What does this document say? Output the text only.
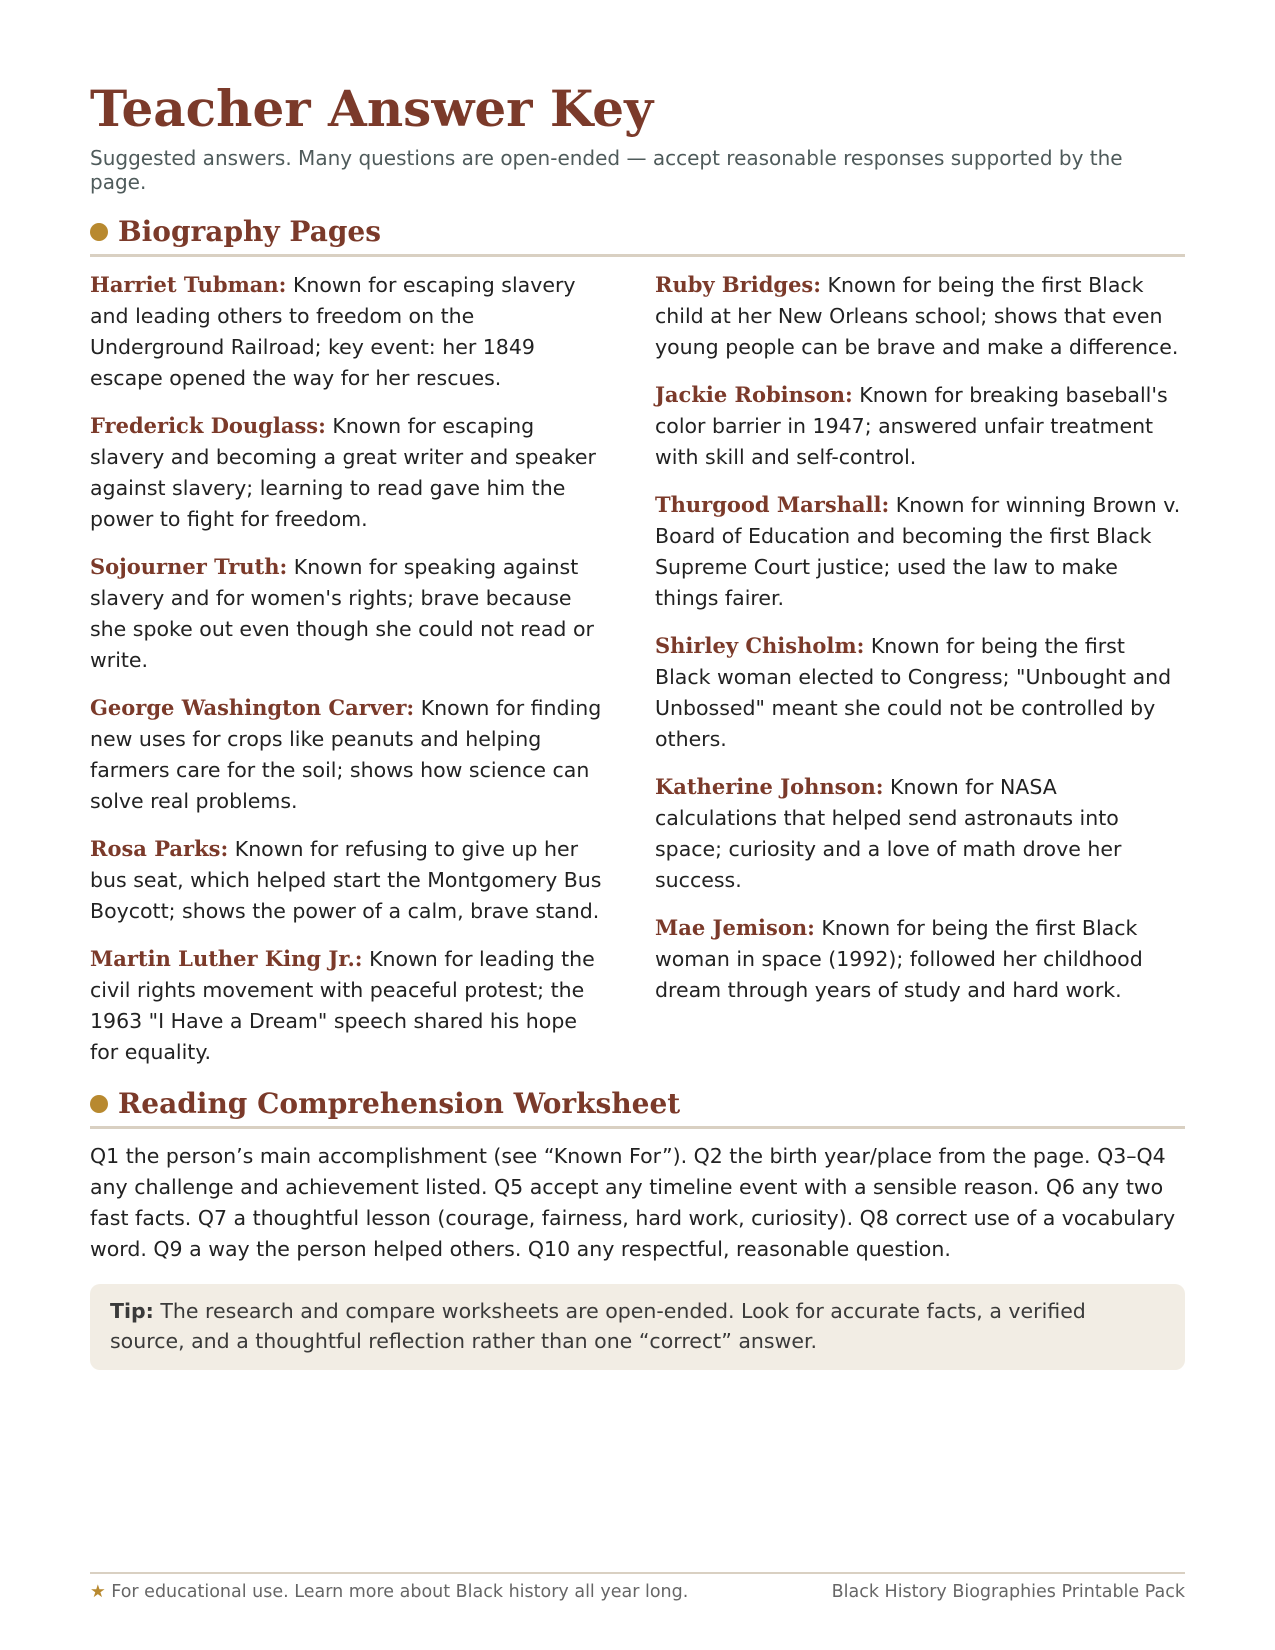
Teacher Answer Key
Suggested answers. Many questions are open-ended — accept reasonable responses supported by the page.
Biography Pages
Harriet Tubman: Known for escaping slavery and leading others to freedom on the Underground Railroad; key event: her 1849 escape opened the way for her rescues.
Frederick Douglass: Known for escaping slavery and becoming a great writer and speaker against slavery; learning to read gave him the power to fight for freedom.
Sojourner Truth: Known for speaking against slavery and for women's rights; brave because she spoke out even though she could not read or write.
George Washington Carver: Known for finding new uses for crops like peanuts and helping farmers care for the soil; shows how science can solve real problems.
Rosa Parks: Known for refusing to give up her bus seat, which helped start the Montgomery Bus Boycott; shows the power of a calm, brave stand.
Martin Luther King Jr.: Known for leading the civil rights movement with peaceful protest; the 1963 "I Have a Dream" speech shared his hope for equality.
Ruby Bridges: Known for being the first Black child at her New Orleans school; shows that even young people can be brave and make a difference.
Jackie Robinson: Known for breaking baseball's color barrier in 1947; answered unfair treatment with skill and self-control.
Thurgood Marshall: Known for winning Brown v. Board of Education and becoming the first Black Supreme Court justice; used the law to make things fairer.
Shirley Chisholm: Known for being the first Black woman elected to Congress; "Unbought and Unbossed" meant she could not be controlled by others.
Katherine Johnson: Known for NASA calculations that helped send astronauts into space; curiosity and a love of math drove her success.
Mae Jemison: Known for being the first Black woman in space (1992); followed her childhood dream through years of study and hard work.
Reading Comprehension Worksheet
Q1 the person’s main accomplishment (see “Known For”). Q2 the birth year/place from the page. Q3–Q4 any challenge and achievement listed. Q5 accept any timeline event with a sensible reason. Q6 any two fast facts. Q7 a thoughtful lesson (courage, fairness, hard work, curiosity). Q8 correct use of a vocabulary word. Q9 a way the person helped others. Q10 any respectful, reasonable question.
Tip: The research and compare worksheets are open-ended. Look for accurate facts, a verified source, and a thoughtful reflection rather than one “correct” answer.
★ For educational use. Learn more about Black history all year long.	Black History Biographies Printable Pack
